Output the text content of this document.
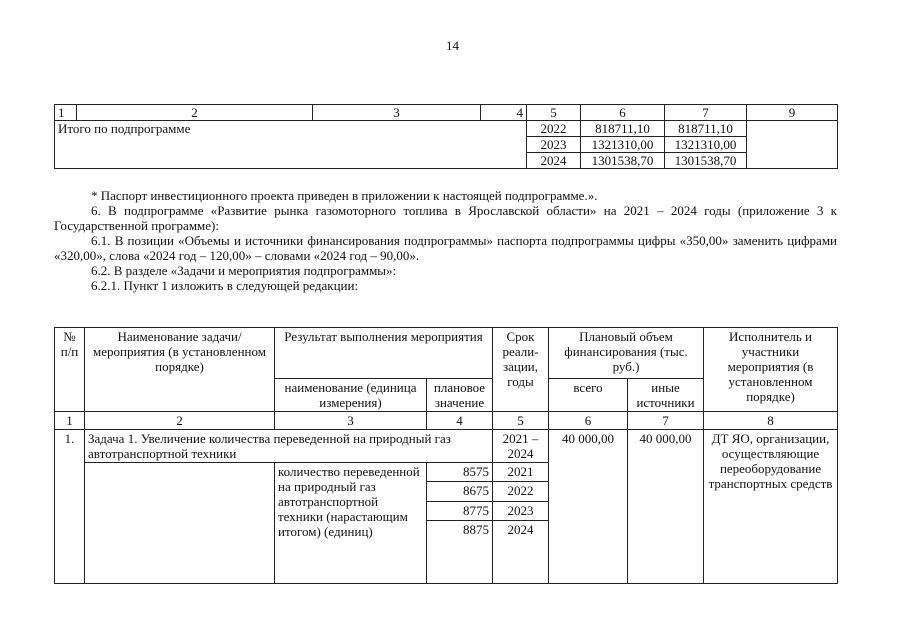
14
1	2	3	4	5	6	7	9
Итого по подпрограмме				2022	818711,10	818711,10	
				2023	1321310,00	1321310,00	
				2024	1301538,70	1301538,70	

* Паспорт инвестиционного проекта приведен в приложении к настоящей подпрограмме.».

6. В подпрограмме «Развитие рынка газомоторного топлива в Ярославской области» на 2021 – 2024 годы (приложение 3 к Государственной программе):

6.1. В позиции «Объемы и источники финансирования подпрограммы» паспорта подпрограммы цифры «350,00» заменить цифрами «320,00», слова «2024 год – 120,00» – словами «2024 год – 90,00».

6.2. В разделе «Задачи и мероприятия подпрограммы»:

6.2.1. Пункт 1 изложить в следующей редакции:

№ п/п	Наименование задачи/ мероприятия (в установленном порядке)	Результат выполнения мероприятия		Срок реали-зации, годы	Плановый объем финансирования (тыс. руб.)		Исполнитель и участники мероприятия (в установленном порядке)
		наименование (единица измерения)	плановое значение		всего	иные источники	
1	2	3	4	5	6	7	8
1.	Задача 1. Увеличение количества переведенной на природный газ автотранспортной техники			2021 – 2024	40 000,00	40 000,00	ДТ ЯО, организации, осуществляющие переоборудование транспортных средств
		количество переведенной на природный газ автотранспортной техники (нарастающим итогом) (единиц)	8575	2021			
			8675	2022			
			8775	2023			
			8875	2024			
